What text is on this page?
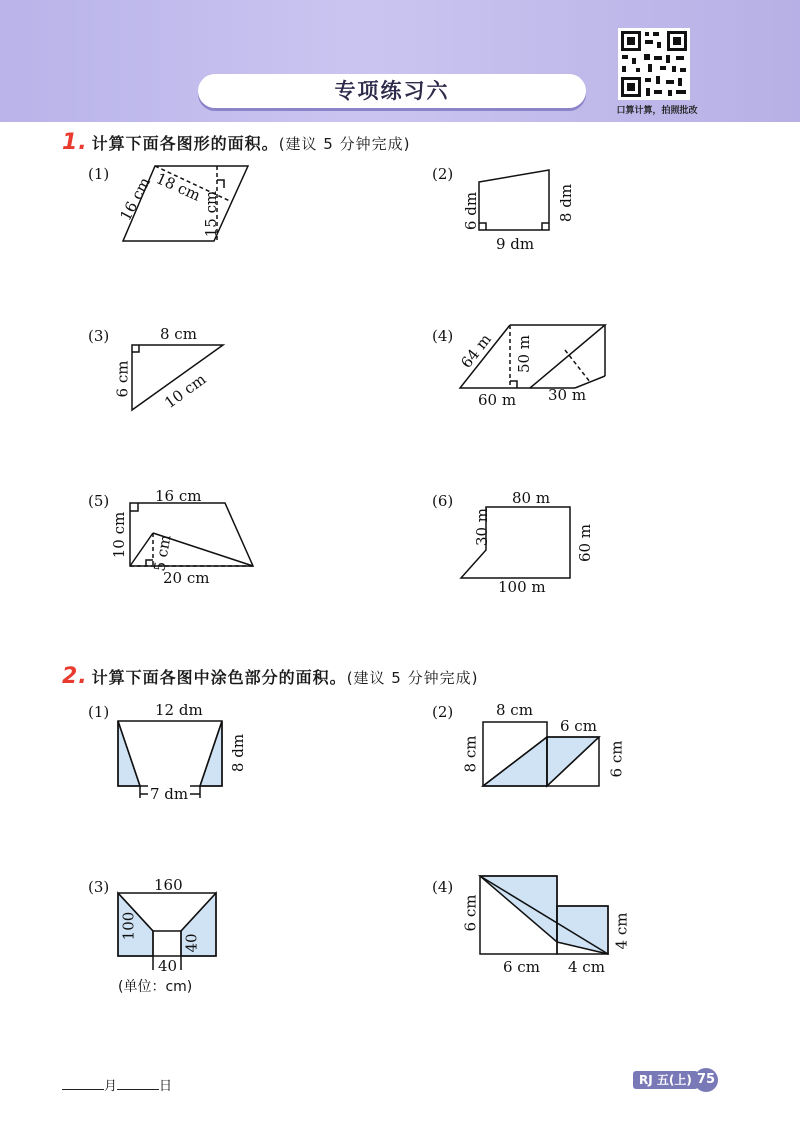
专项练习六
口算计算，拍照批改
1. 计算下面各图形的面积。(建议 5 分钟完成)
2. 计算下面各图中涂色部分的面积。(建议 5 分钟完成)
(1)
16 cm 18 cm
15 cm
(2)
6 dm	8 dm
9 dm
(3)	8 cm
6 cm 10 cm
(4) 64 m 50 m
60 m 30 m
(5)	16 cm
10 cm 5 cm
20 cm
(6)	80 m
30 m	60 m
100 m
(1)	12 dm
8 dm
7 dm
(2)	8 cm
6 cm
8 cm	6 cm
(3)	160
100
40
40
(单位：cm)
(4)
6 cm	4 cm
6 cm 4 cm
月	日	RJ 五(上) 75
